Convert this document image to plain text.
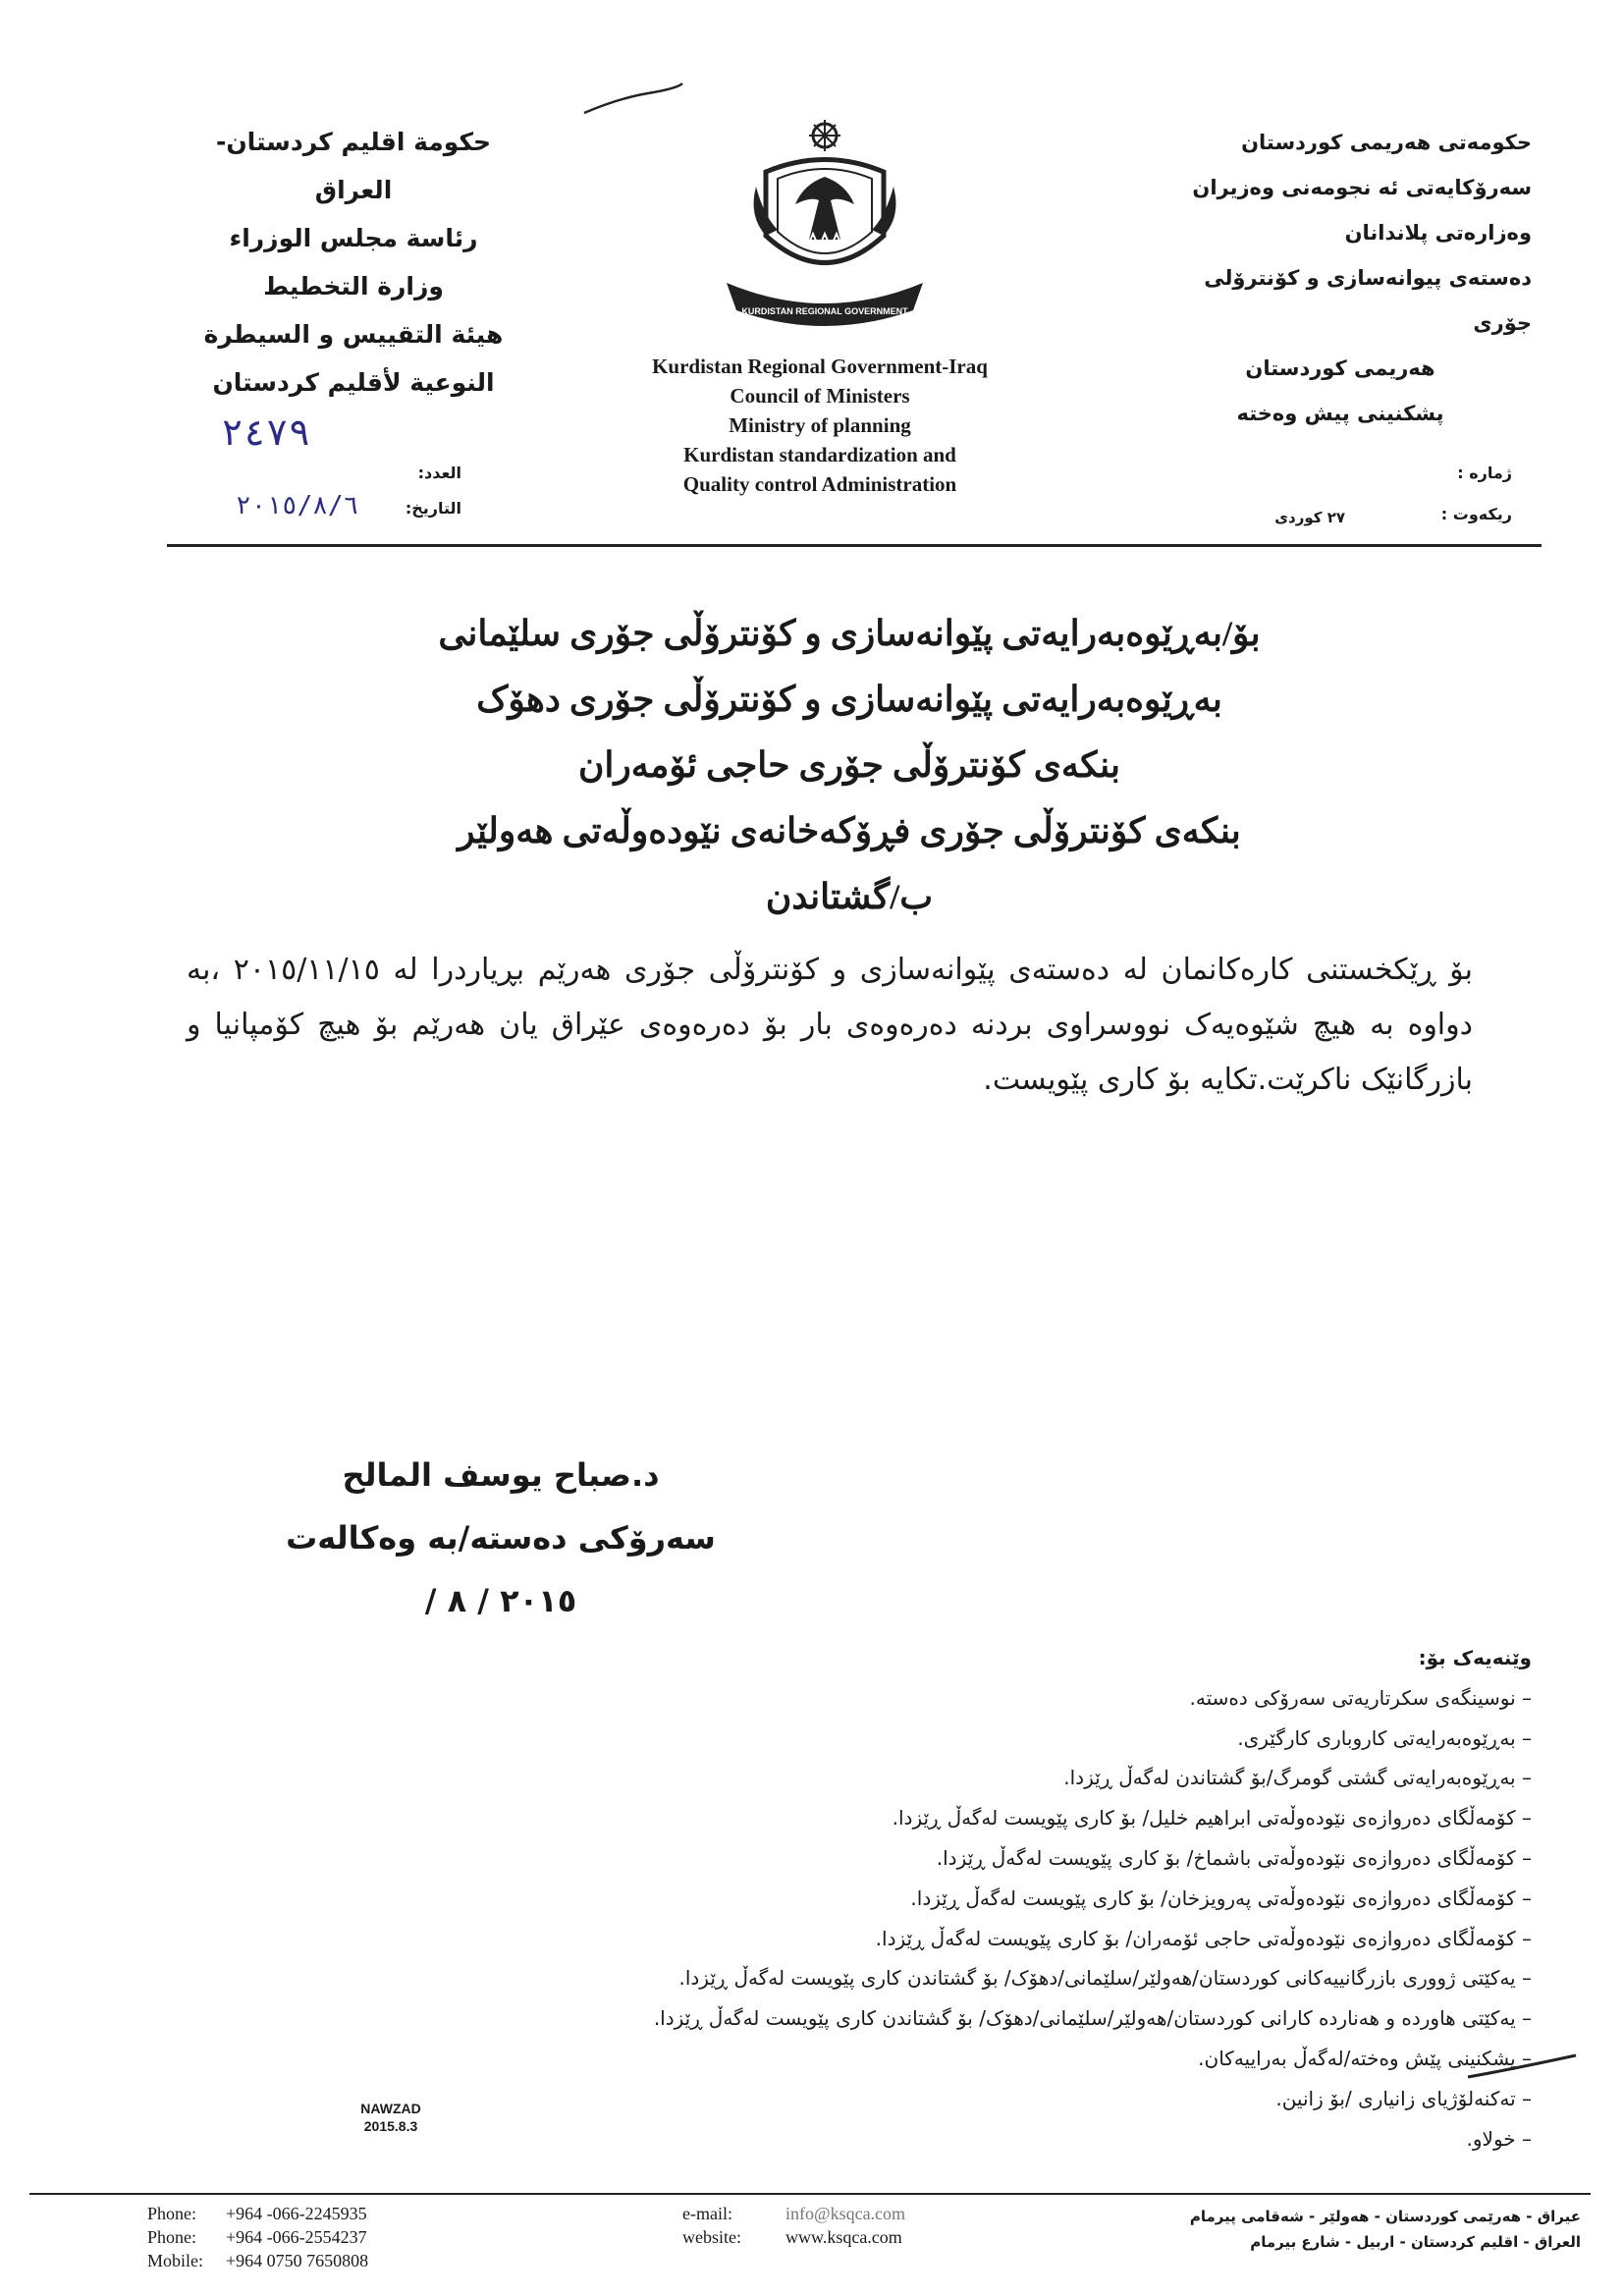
حكومة اقليم كردستان- العراق
رئاسة مجلس الوزراء
وزارة التخطيط
هيئة التقييس و السيطرة
النوعية لأقليم كردستان
KURDISTAN REGIONAL GOVERNMENT
Kurdistan Regional Government-Iraq
Council of Ministers
Ministry of planning
Kurdistan standardization and
Quality control Administration
حكومەتی هەریمی کوردستان
سەرۆکایەتی ئه نجومەنی وەزیران
وەزارەتی پلاندانان
دەستەی پیوانەسازی و کۆنترۆلی جۆری
هەریمی کوردستان
پشکنینی پیش وەختە
٢٤٧٩
العدد:
التاريخ:
٢٠١٥/٨/٦
ژمارە :
ريكەوت :
٢٧ كوردى
بۆ/بەڕێوەبەرایەتی پێوانەسازی و کۆنترۆڵی جۆری سلێمانی
بەڕێوەبەرایەتی پێوانەسازی و کۆنترۆڵی جۆری دهۆک
بنکەی کۆنترۆڵی جۆری حاجی ئۆمەران
بنکەی کۆنترۆڵی جۆری فڕۆکەخانەی نێودەوڵەتی هەولێر
ب/گشتاندن
بۆ ڕێکخستنی کارەکانمان لە دەستەی پێوانەسازی و کۆنترۆڵی جۆری هەرێم بڕیاردرا لە ٢٠١٥/١١/١٥ ،بە دواوە بە هیچ شێوەیەک نووسراوی بردنە دەرەوەی بار بۆ دەرەوەی عێراق یان هەرێم بۆ هیچ کۆمپانیا و بازرگانێک ناکرێت.تکایە بۆ کاری پێویست.
د.صباح یوسف المالح
سەرۆکی دەستە/بە وەکالەت
٢٠١٥ / ٨ /
وێنەیەک بۆ:
– نوسینگەی سکرتاریەتی سەرۆکی دەستە.
– بەڕێوەبەرایەتی کاروباری کارگێری.
– بەڕێوەبەرایەتی گشتی گومرگ/بۆ گشتاندن لەگەڵ ڕێزدا.
– کۆمەڵگای دەروازەی نێودەوڵەتی ابراهیم خلیل/ بۆ کاری پێویست لەگەڵ ڕێزدا.
– کۆمەڵگای دەروازەی نێودەوڵەتی باشماخ/ بۆ کاری پێویست لەگەڵ ڕێزدا.
– کۆمەڵگای دەروازەی نێودەوڵەتی پەرویزخان/ بۆ کاری پێویست لەگەڵ ڕێزدا.
– کۆمەڵگای دەروازەی نێودەوڵەتی حاجی ئۆمەران/ بۆ کاری پێویست لەگەڵ ڕێزدا.
– یەکێتی ژووری بازرگانییەکانی کوردستان/هەولێر/سلێمانی/دهۆک/ بۆ گشتاندن کاری پێویست لەگەڵ ڕێزدا.
– یەکێتی هاوردە و هەناردە کارانی کوردستان/هەولێر/سلێمانی/دهۆک/ بۆ گشتاندن کاری پێویست لەگەڵ ڕێزدا.
– پشکنینی پێش وەختە/لەگەڵ بەراییەکان.
– تەکنەلۆژیای زانیاری /بۆ زانین.
– خولاو.
NAWZAD
2015.8.3
Phone: +964 -066-2245935
Phone: +964 -066-2554237
Mobile: +964 0750 7650808
e-mail:	info@ksqca.com
website:	www.ksqca.com
عیراق - هەرێمی کوردستان - هەولێر - شەقامی پیرمام
العراق - اقليم كردستان - اربيل - شارع بيرمام
